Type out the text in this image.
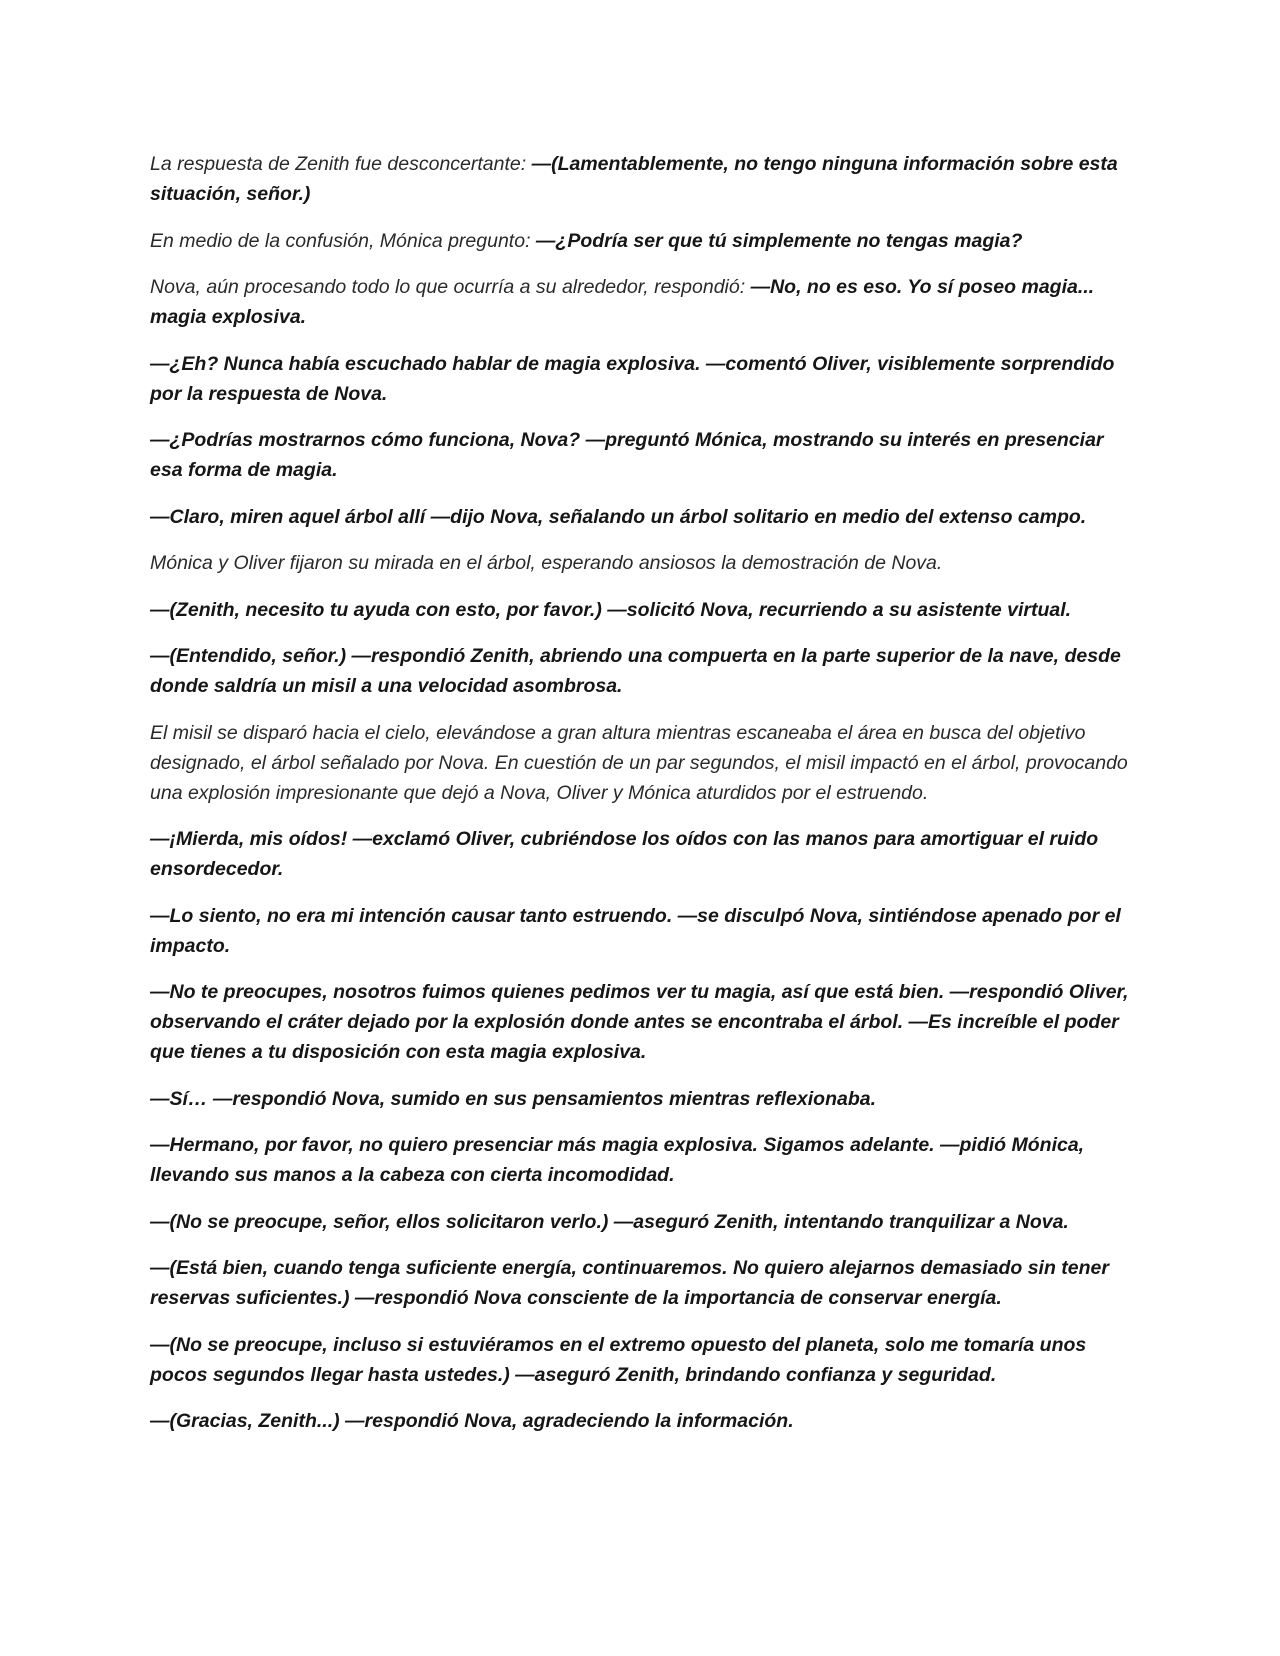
La respuesta de Zenith fue desconcertante: —(Lamentablemente, no tengo ninguna información sobre esta situación, señor.)

En medio de la confusión, Mónica pregunto: —¿Podría ser que tú simplemente no tengas magia?

Nova, aún procesando todo lo que ocurría a su alrededor, respondió: —No, no es eso. Yo sí poseo magia... magia explosiva.

—¿Eh? Nunca había escuchado hablar de magia explosiva. —comentó Oliver, visiblemente sorprendido por la respuesta de Nova.

—¿Podrías mostrarnos cómo funciona, Nova? —preguntó Mónica, mostrando su interés en presenciar esa forma de magia.

—Claro, miren aquel árbol allí —dijo Nova, señalando un árbol solitario en medio del extenso campo.

Mónica y Oliver fijaron su mirada en el árbol, esperando ansiosos la demostración de Nova.

—(Zenith, necesito tu ayuda con esto, por favor.) —solicitó Nova, recurriendo a su asistente virtual.

—(Entendido, señor.) —respondió Zenith, abriendo una compuerta en la parte superior de la nave, desde donde saldría un misil a una velocidad asombrosa.

El misil se disparó hacia el cielo, elevándose a gran altura mientras escaneaba el área en busca del objetivo designado, el árbol señalado por Nova. En cuestión de un par segundos, el misil impactó en el árbol, provocando una explosión impresionante que dejó a Nova, Oliver y Mónica aturdidos por el estruendo.

—¡Mierda, mis oídos! —exclamó Oliver, cubriéndose los oídos con las manos para amortiguar el ruido ensordecedor.

—Lo siento, no era mi intención causar tanto estruendo. —se disculpó Nova, sintiéndose apenado por el impacto.

—No te preocupes, nosotros fuimos quienes pedimos ver tu magia, así que está bien. —respondió Oliver, observando el cráter dejado por la explosión donde antes se encontraba el árbol. —Es increíble el poder que tienes a tu disposición con esta magia explosiva.

—Sí… —respondió Nova, sumido en sus pensamientos mientras reflexionaba.

—Hermano, por favor, no quiero presenciar más magia explosiva. Sigamos adelante. —pidió Mónica, llevando sus manos a la cabeza con cierta incomodidad.

—(No se preocupe, señor, ellos solicitaron verlo.) —aseguró Zenith, intentando tranquilizar a Nova.

—(Está bien, cuando tenga suficiente energía, continuaremos. No quiero alejarnos demasiado sin tener reservas suficientes.) —respondió Nova consciente de la importancia de conservar energía.

—(No se preocupe, incluso si estuviéramos en el extremo opuesto del planeta, solo me tomaría unos pocos segundos llegar hasta ustedes.) —aseguró Zenith, brindando confianza y seguridad.

—(Gracias, Zenith...) —respondió Nova, agradeciendo la información.
